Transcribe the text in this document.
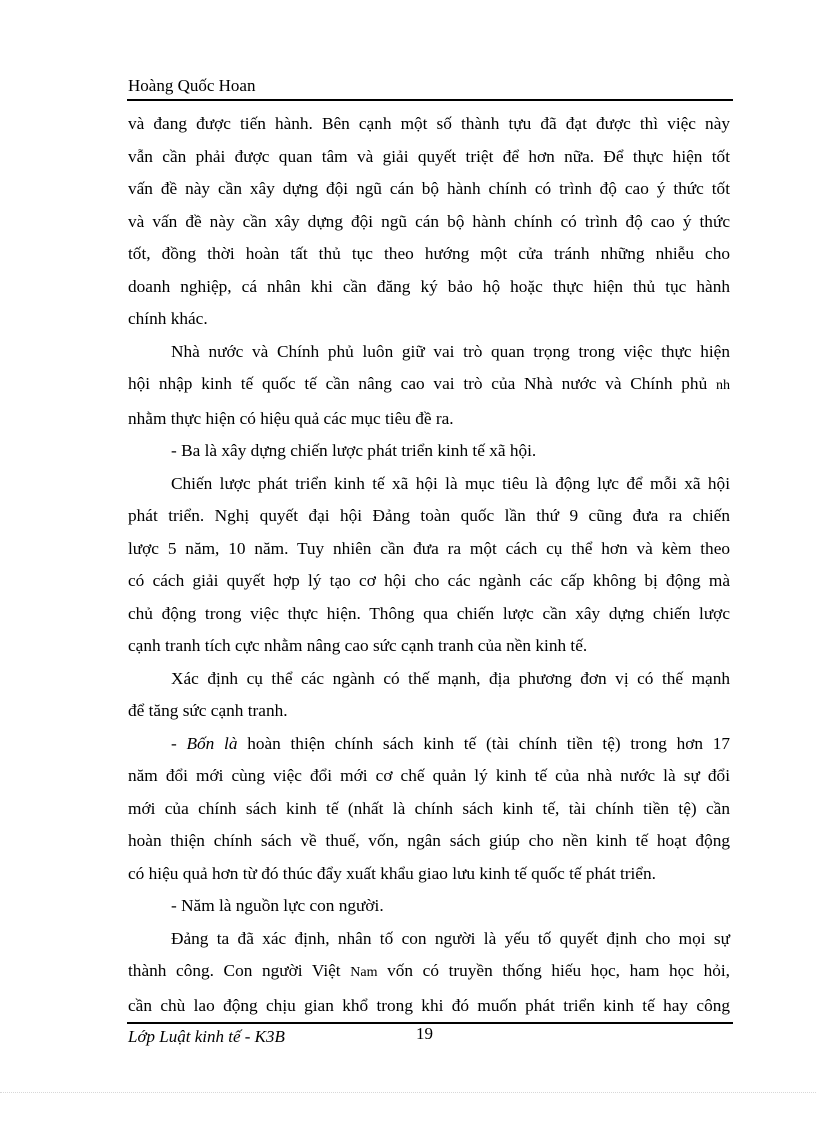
Hoàng Quốc Hoan

và đang được tiến hành. Bên cạnh một số thành tựu đã đạt được thì việc này

vẫn cần phải được quan tâm và giải quyết triệt để hơn nữa. Để thực hiện tốt

vấn đề này cần xây dựng đội ngũ cán bộ hành chính có trình độ cao ý thức tốt

và vấn đề này cần xây dựng đội ngũ cán bộ hành chính có trình độ cao ý thức

tốt, đồng thời hoàn tất thủ tục theo hướng một cửa tránh những nhiễu cho

doanh nghiệp, cá nhân khi cần đăng ký bảo hộ hoặc thực hiện thủ tục hành

chính khác.

Nhà nước và Chính phủ luôn giữ vai trò quan trọng trong việc thực hiện

hội nhập kinh tế quốc tế cần nâng cao vai trò của Nhà nước và Chính phủ nh

nhằm thực hiện có hiệu quả các mục tiêu đề ra.

- Ba là xây dựng chiến lược phát triển kinh tế xã hội.

Chiến lược phát triển kinh tế xã hội là mục tiêu là động lực để mỗi xã hội

phát triển. Nghị quyết đại hội Đảng toàn quốc lần thứ 9 cũng đưa ra chiến

lược 5 năm, 10 năm. Tuy nhiên cần đưa ra một cách cụ thể hơn và kèm theo

có cách giải quyết hợp lý tạo cơ hội cho các ngành các cấp không bị động mà

chủ động trong việc thực hiện. Thông qua chiến lược cần xây dựng chiến lược

cạnh tranh tích cực nhằm nâng cao sức cạnh tranh của nền kinh tế.

Xác định cụ thể các ngành có thế mạnh, địa phương đơn vị có thế mạnh

để tăng sức cạnh tranh.

- Bốn là hoàn thiện chính sách kinh tế (tài chính tiền tệ) trong hơn 17

năm đổi mới cùng việc đổi mới cơ chế quản lý kinh tế của nhà nước là sự đổi

mới của chính sách kinh tế (nhất là chính sách kinh tế, tài chính tiền tệ) cần

hoàn thiện chính sách về thuế, vốn, ngân sách giúp cho nền kinh tế hoạt động

có hiệu quả hơn từ đó thúc đẩy xuất khẩu giao lưu kinh tế quốc tế phát triển.

- Năm là nguồn lực con người.

Đảng ta đã xác định, nhân tố con người là yếu tố quyết định cho mọi sự

thành công. Con người Việt Nam vốn có truyền thống hiếu học, ham học hỏi,

cần chù lao động chịu gian khổ trong khi đó muốn phát triển kinh tế hay công

Lớp Luật kinh tế - K3B	19
